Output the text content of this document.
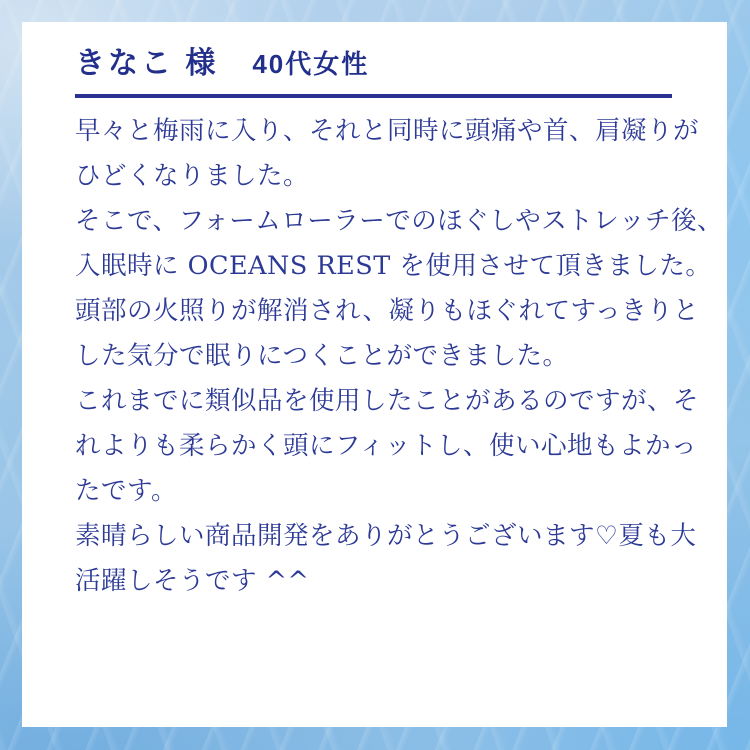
きなこ 様 40代女性
早々と梅雨に入り、それと同時に頭痛や首、肩凝りが
ひどくなりました。
そこで、フォームローラーでのほぐしやストレッチ後、
入眠時に OCEANS REST を使用させて頂きました。
頭部の火照りが解消され、凝りもほぐれてすっきりと
した気分で眠りにつくことができました。
これまでに類似品を使用したことがあるのですが、そ
れよりも柔らかく頭にフィットし、使い心地もよかっ
たです。
素晴らしい商品開発をありがとうございます♡夏も大
活躍しそうです ^^
